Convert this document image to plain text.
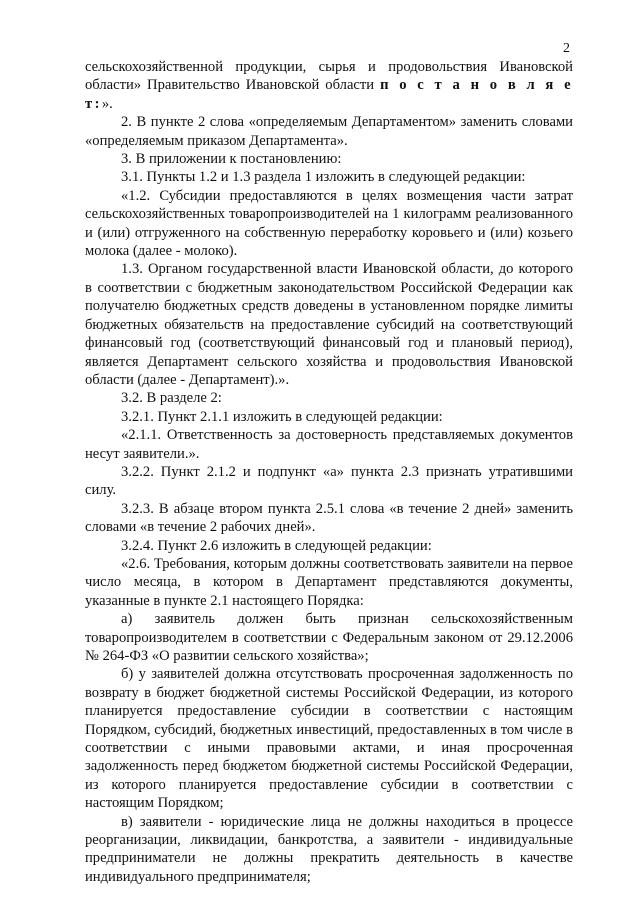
2

сельскохозяйственной продукции, сырья и продовольствия Ивановской области» Правительство Ивановской области п о с т а н о в л я е т:».

2. В пункте 2 слова «определяемым Департаментом» заменить словами «определяемым приказом Департамента».

3. В приложении к постановлению:

3.1. Пункты 1.2 и 1.3 раздела 1 изложить в следующей редакции:

«1.2. Субсидии предоставляются в целях возмещения части затрат сельскохозяйственных товаропроизводителей на 1 килограмм реализованного и (или) отгруженного на собственную переработку коровьего и (или) козьего молока (далее - молоко).

1.3. Органом государственной власти Ивановской области, до которого в соответствии с бюджетным законодательством Российской Федерации как получателю бюджетных средств доведены в установленном порядке лимиты бюджетных обязательств на предоставление субсидий на соответствующий финансовый год (соответствующий финансовый год и плановый период), является Департамент сельского хозяйства и продовольствия Ивановской области (далее - Департамент).».

3.2. В разделе 2:

3.2.1. Пункт 2.1.1 изложить в следующей редакции:

«2.1.1. Ответственность за достоверность представляемых документов несут заявители.».

3.2.2. Пункт 2.1.2 и подпункт «а» пункта 2.3 признать утратившими силу.

3.2.3. В абзаце втором пункта 2.5.1 слова «в течение 2 дней» заменить словами «в течение 2 рабочих дней».

3.2.4. Пункт 2.6 изложить в следующей редакции:

«2.6. Требования, которым должны соответствовать заявители на первое число месяца, в котором в Департамент представляются документы, указанные в пункте 2.1 настоящего Порядка:

а) заявитель должен быть признан сельскохозяйственным товаропроизводителем в соответствии с Федеральным законом от 29.12.2006 № 264-ФЗ «О развитии сельского хозяйства»;

б) у заявителей должна отсутствовать просроченная задолженность по возврату в бюджет бюджетной системы Российской Федерации, из которого планируется предоставление субсидии в соответствии с настоящим Порядком, субсидий, бюджетных инвестиций, предоставленных в том числе в соответствии с иными правовыми актами, и иная просроченная задолженность перед бюджетом бюджетной системы Российской Федерации, из которого планируется предоставление субсидии в соответствии с настоящим Порядком;

в) заявители - юридические лица не должны находиться в процессе реорганизации, ликвидации, банкротства, а заявители - индивидуальные предприниматели не должны прекратить деятельность в качестве индивидуального предпринимателя;
